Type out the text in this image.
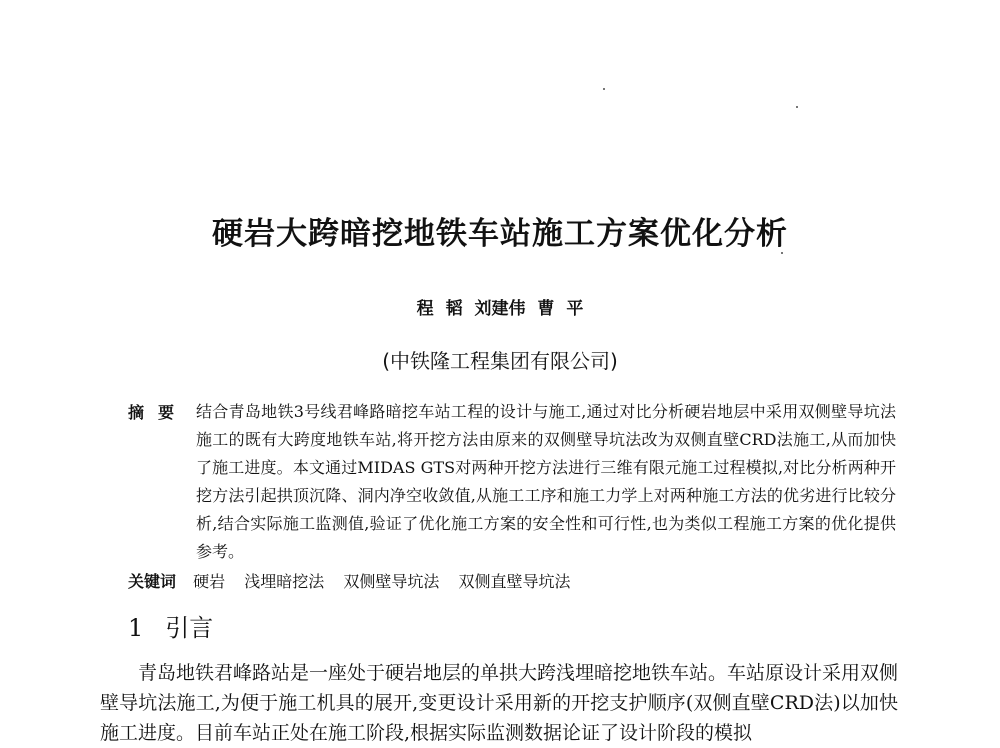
硬岩大跨暗挖地铁车站施工方案优化分析

程 韬 刘建伟 曹 平

(中铁隆工程集团有限公司)

摘要 结合青岛地铁3号线君峰路暗挖车站工程的设计与施工,通过对比分析硬岩地层中采用双侧壁导坑法施工的既有大跨度地铁车站,将开挖方法由原来的双侧壁导坑法改为双侧直壁CRD法施工,从而加快了施工进度。本文通过MIDAS GTS对两种开挖方法进行三维有限元施工过程模拟,对比分析两种开挖方法引起拱顶沉降、洞内净空收敛值,从施工工序和施工力学上对两种施工方法的优劣进行比较分析,结合实际施工监测值,验证了优化施工方案的安全性和可行性,也为类似工程施工方案的优化提供参考。

关键词 硬岩 浅埋暗挖法 双侧壁导坑法 双侧直壁导坑法
1 引言

青岛地铁君峰路站是一座处于硬岩地层的单拱大跨浅埋暗挖地铁车站。车站原设计采用双侧壁导坑法施工,为便于施工机具的展开,变更设计采用新的开挖支护顺序(双侧直壁CRD法)以加快施工进度。目前车站正处在施工阶段,根据实际监测数据论证了设计阶段的模拟
